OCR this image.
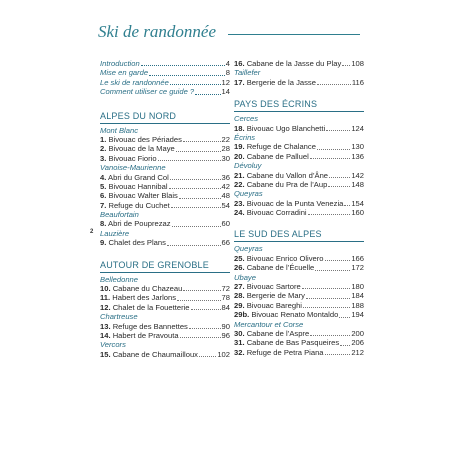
Ski de randonnée
2
Introduction	4
Mise en garde	8
Le ski de randonnée	12
Comment utiliser ce guide ?	14
ALPES DU NORD
Mont Blanc
1. Bivouac des Périades	22
2. Bivouac de la Maye	28
3. Bivouac Fiorio	30
Vanoise-Maurienne
4. Abri du Grand Col	36
5. Bivouac Hannibal	42
6. Bivouac Walter Blais	48
7. Refuge du Cuchet	54
Beaufortain
8. Abri de Pouprezaz	60
Lauzière
9. Chalet des Plans	66
AUTOUR DE GRENOBLE
Belledonne
10. Cabane du Chazeau	72
11. Habert des Jarlons	78
12. Chalet de la Fouetterie	84
Chartreuse
13. Refuge des Bannettes	90
14. Habert de Pravouta	96
Vercors
15. Cabane de Chaumailloux	102
16. Cabane de la Jasse du Play 108
Taillefer
17. Bergerie de la Jasse	116
PAYS DES ÉCRINS
Cerces
18. Bivouac Ugo Blanchetti	124
Écrins
19. Refuge de Chalance	130
20. Cabane de Palluel	136
Dévoluy
21. Cabane du Vallon d’Âne	142
22. Cabane du Pra de l’Aup	148
Queyras
23. Bivouac de la Punta Venezia 154
24. Bivouac Corradini	160
LE SUD DES ALPES
Queyras
25. Bivouac Enrico Olivero	166
26. Cabane de l’Écuelle	172
Ubaye
27. Bivouac Sartore	180
28. Bergerie de Mary	184
29. Bivouac Bareghi	188
29b. Bivouac Renato Montaldo 194
Mercantour et Corse
30. Cabane de l’Aspre	200
31. Cabane de Bas Pasqueires 206
32. Refuge de Petra Piana	212
